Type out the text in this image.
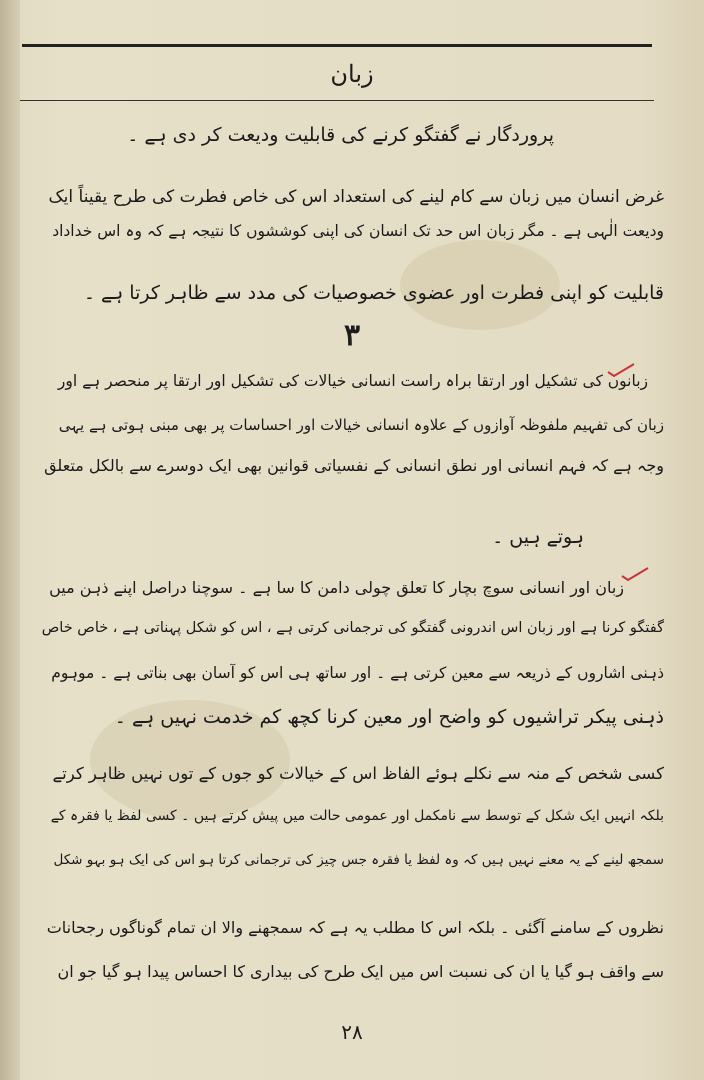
زبان
پروردگار نے گفتگو کرنے کی قابلیت ودیعت کر دی ہے ۔
غرض انسان میں زبان سے کام لینے کی استعداد اس کی خاص فطرت کی طرح یقیناً ایک
ودیعت الٰہی ہے ۔ مگر زبان اس حد تک انسان کی اپنی کوششوں کا نتیجہ ہے کہ وہ اس خداداد
قابلیت کو اپنی فطرت اور عضوی خصوصیات کی مدد سے ظاہر کرتا ہے ۔
۳
زبانوں کی تشکیل اور ارتقا براہ راست انسانی خیالات کی تشکیل اور ارتقا پر منحصر ہے اور
زبان کی تفہیم ملفوظہ آوازوں کے علاوہ انسانی خیالات اور احساسات پر بھی مبنی ہوتی ہے یہی
وجہ ہے کہ فہم انسانی اور نطق انسانی کے نفسیاتی قوانین بھی ایک دوسرے سے بالکل متعلق
ہوتے ہیں ۔
زبان اور انسانی سوچ بچار کا تعلق چولی دامن کا سا ہے ۔ سوچنا دراصل اپنے ذہن میں
گفتگو کرنا ہے اور زبان اس اندرونی گفتگو کی ترجمانی کرتی ہے ، اس کو شکل پہناتی ہے ، خاص خاص
ذہنی اشاروں کے ذریعہ سے معین کرتی ہے ۔ اور ساتھ ہی اس کو آسان بھی بناتی ہے ۔ موہوم
ذہنی پیکر تراشیوں کو واضح اور معین کرنا کچھ کم خدمت نہیں ہے ۔
کسی شخص کے منہ سے نکلے ہوئے الفاظ اس کے خیالات کو جوں کے توں نہیں ظاہر کرتے
بلکہ انہیں ایک شکل کے توسط سے نامکمل اور عمومی حالت میں پیش کرتے ہیں ۔ کسی لفظ یا فقرہ کے
سمجھ لینے کے یہ معنے نہیں ہیں کہ وہ لفظ یا فقرہ جس چیز کی ترجمانی کرتا ہو اس کی ایک ہو بہو شکل
نظروں کے سامنے آگئی ۔ بلکہ اس کا مطلب یہ ہے کہ سمجھنے والا ان تمام گوناگوں رجحانات
سے واقف ہو گیا یا ان کی نسبت اس میں ایک طرح کی بیداری کا احساس پیدا ہو گیا جو ان
۲۸
